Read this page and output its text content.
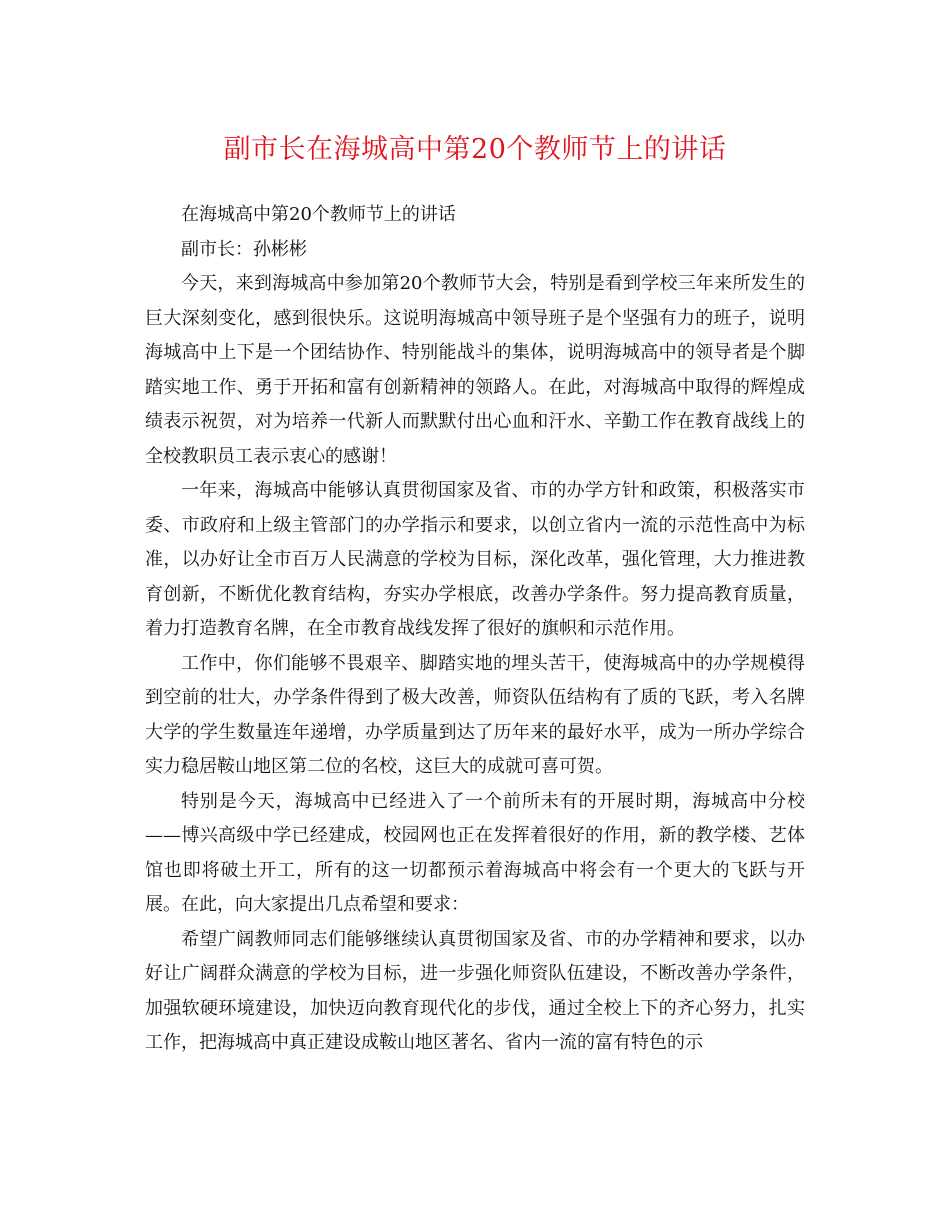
副市长在海城高中第20个教师节上的讲话

在海城高中第20个教师节上的讲话

副市长：孙彬彬

今天，来到海城高中参加第20个教师节大会，特别是看到学校三年来所发生的巨大深刻变化，感到很快乐。这说明海城高中领导班子是个坚强有力的班子，说明海城高中上下是一个团结协作、特别能战斗的集体，说明海城高中的领导者是个脚踏实地工作、勇于开拓和富有创新精神的领路人。在此，对海城高中取得的辉煌成绩表示祝贺，对为培养一代新人而默默付出心血和汗水、辛勤工作在教育战线上的全校教职员工表示衷心的感谢！

一年来，海城高中能够认真贯彻国家及省、市的办学方针和政策，积极落实市委、市政府和上级主管部门的办学指示和要求，以创立省内一流的示范性高中为标准，以办好让全市百万人民满意的学校为目标，深化改革，强化管理，大力推进教育创新，不断优化教育结构，夯实办学根底，改善办学条件。努力提高教育质量，着力打造教育名牌，在全市教育战线发挥了很好的旗帜和示范作用。

工作中，你们能够不畏艰辛、脚踏实地的埋头苦干，使海城高中的办学规模得到空前的壮大，办学条件得到了极大改善，师资队伍结构有了质的飞跃，考入名牌大学的学生数量连年递增，办学质量到达了历年来的最好水平，成为一所办学综合实力稳居鞍山地区第二位的名校，这巨大的成就可喜可贺。

特别是今天，海城高中已经进入了一个前所未有的开展时期，海城高中分校——博兴高级中学已经建成，校园网也正在发挥着很好的作用，新的教学楼、艺体馆也即将破土开工，所有的这一切都预示着海城高中将会有一个更大的飞跃与开展。在此，向大家提出几点希望和要求：

希望广阔教师同志们能够继续认真贯彻国家及省、市的办学精神和要求，以办好让广阔群众满意的学校为目标，进一步强化师资队伍建设，不断改善办学条件，加强软硬环境建设，加快迈向教育现代化的步伐，通过全校上下的齐心努力，扎实工作，把海城高中真正建设成鞍山地区著名、省内一流的富有特色的示
